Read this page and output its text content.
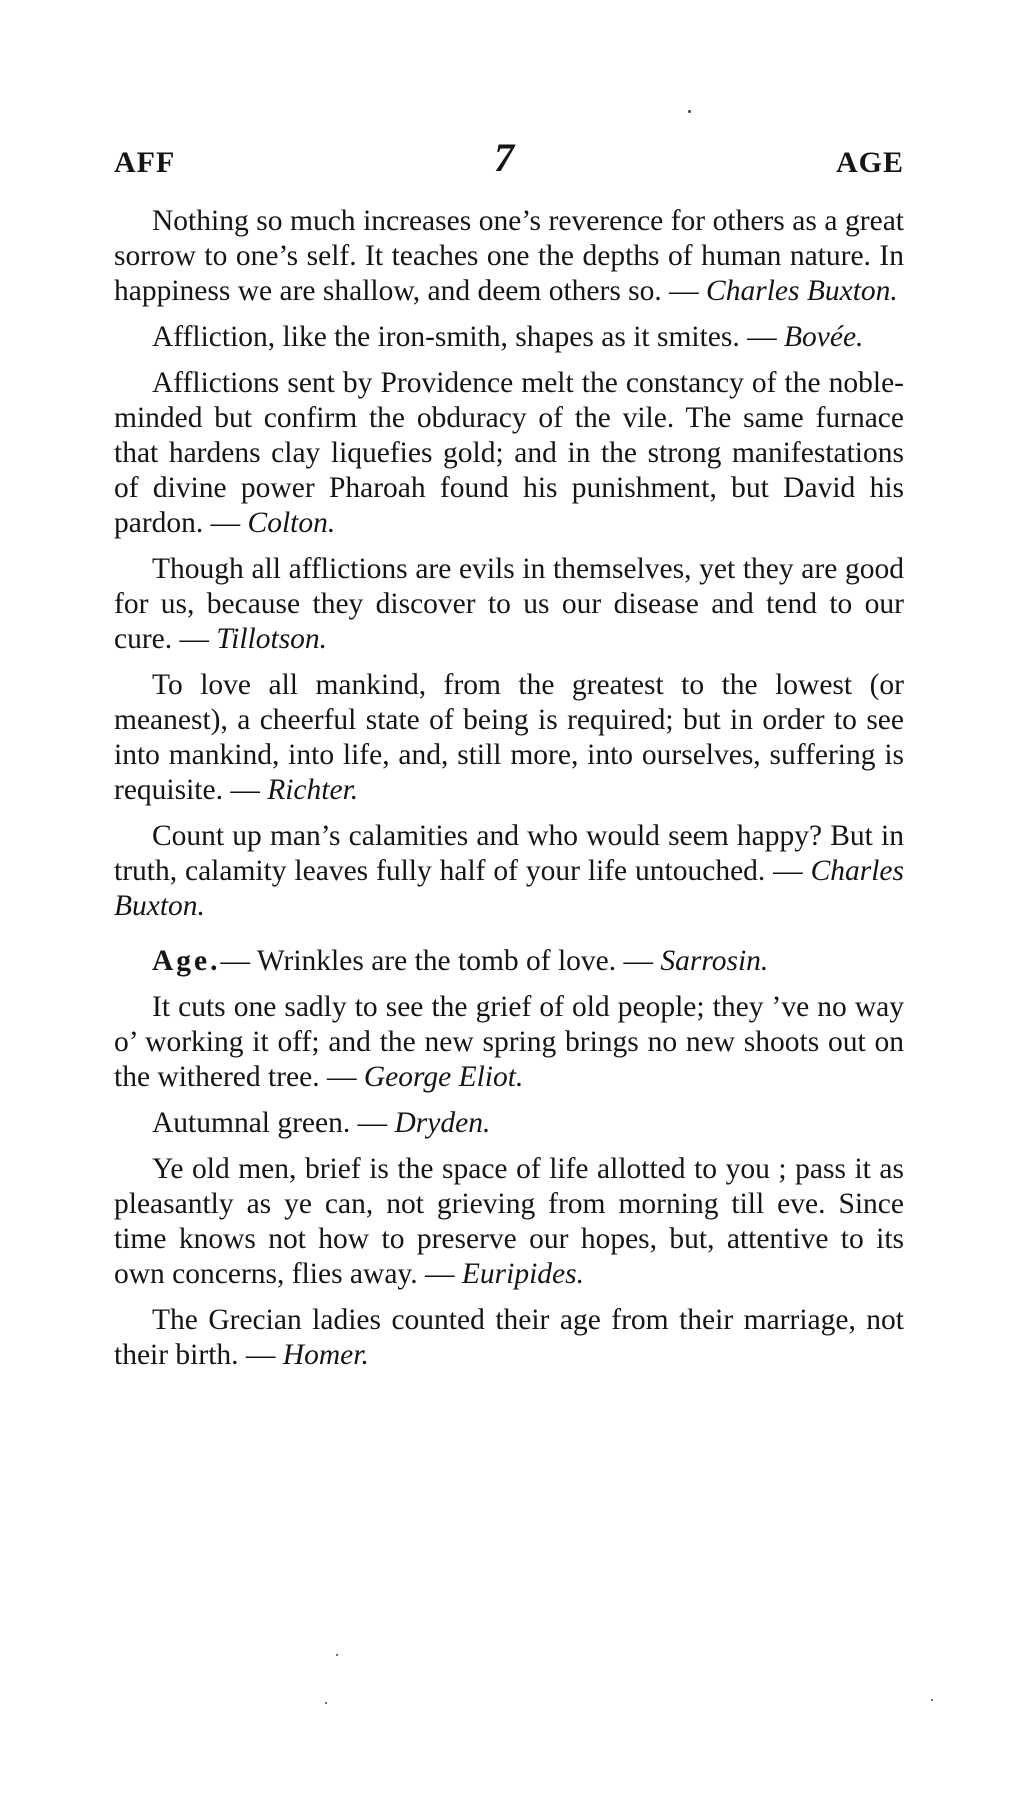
AFF	7	AGE

Nothing so much increases one’s reverence for others as a great sorrow to one’s self. It teaches one the depths of human nature. In happiness we are shallow, and deem others so. — Charles Buxton.

Affliction, like the iron-smith, shapes as it smites. — Bovée.

Afflictions sent by Providence melt the constancy of the noble-minded but confirm the obduracy of the vile. The same furnace that hardens clay liquefies gold; and in the strong manifestations of divine power Pharoah found his punishment, but David his pardon. — Colton.

Though all afflictions are evils in themselves, yet they are good for us, because they discover to us our disease and tend to our cure. — Tillotson.

To love all mankind, from the greatest to the lowest (or meanest), a cheerful state of being is required; but in order to see into mankind, into life, and, still more, into ourselves, suffering is requisite. — Richter.

Count up man’s calamities and who would seem happy? But in truth, calamity leaves fully half of your life untouched. — Charles Buxton.

Age.— Wrinkles are the tomb of love. — Sarrosin.

It cuts one sadly to see the grief of old people; they ’ve no way o’ working it off; and the new spring brings no new shoots out on the withered tree. — George Eliot.

Autumnal green. — Dryden.

Ye old men, brief is the space of life allotted to you ; pass it as pleasantly as ye can, not grieving from morning till eve. Since time knows not how to preserve our hopes, but, attentive to its own concerns, flies away. — Euripides.

The Grecian ladies counted their age from their marriage, not their birth. — Homer.
